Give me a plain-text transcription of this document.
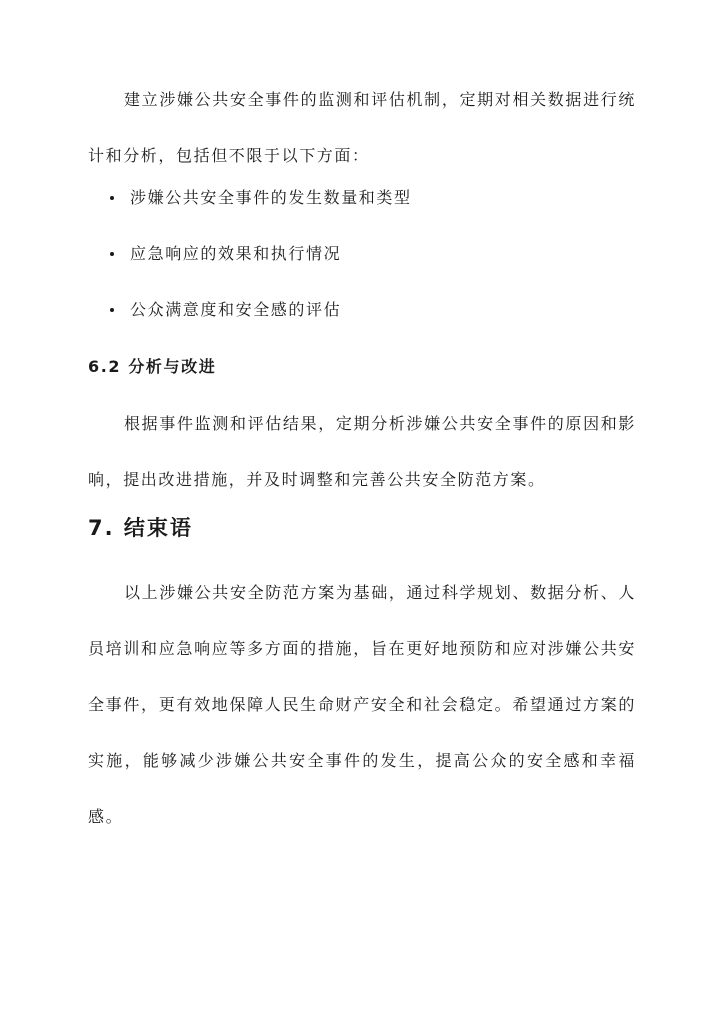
建立涉嫌公共安全事件的监测和评估机制，定期对相关数据进行统计和分析，包括但不限于以下方面：

涉嫌公共安全事件的发生数量和类型
应急响应的效果和执行情况
公众满意度和安全感的评估
6.2 分析与改进

根据事件监测和评估结果，定期分析涉嫌公共安全事件的原因和影响，提出改进措施，并及时调整和完善公共安全防范方案。

7. 结束语

以上涉嫌公共安全防范方案为基础，通过科学规划、数据分析、人员培训和应急响应等多方面的措施，旨在更好地预防和应对涉嫌公共安全事件，更有效地保障人民生命财产安全和社会稳定。希望通过方案的实施，能够减少涉嫌公共安全事件的发生，提高公众的安全感和幸福感。
